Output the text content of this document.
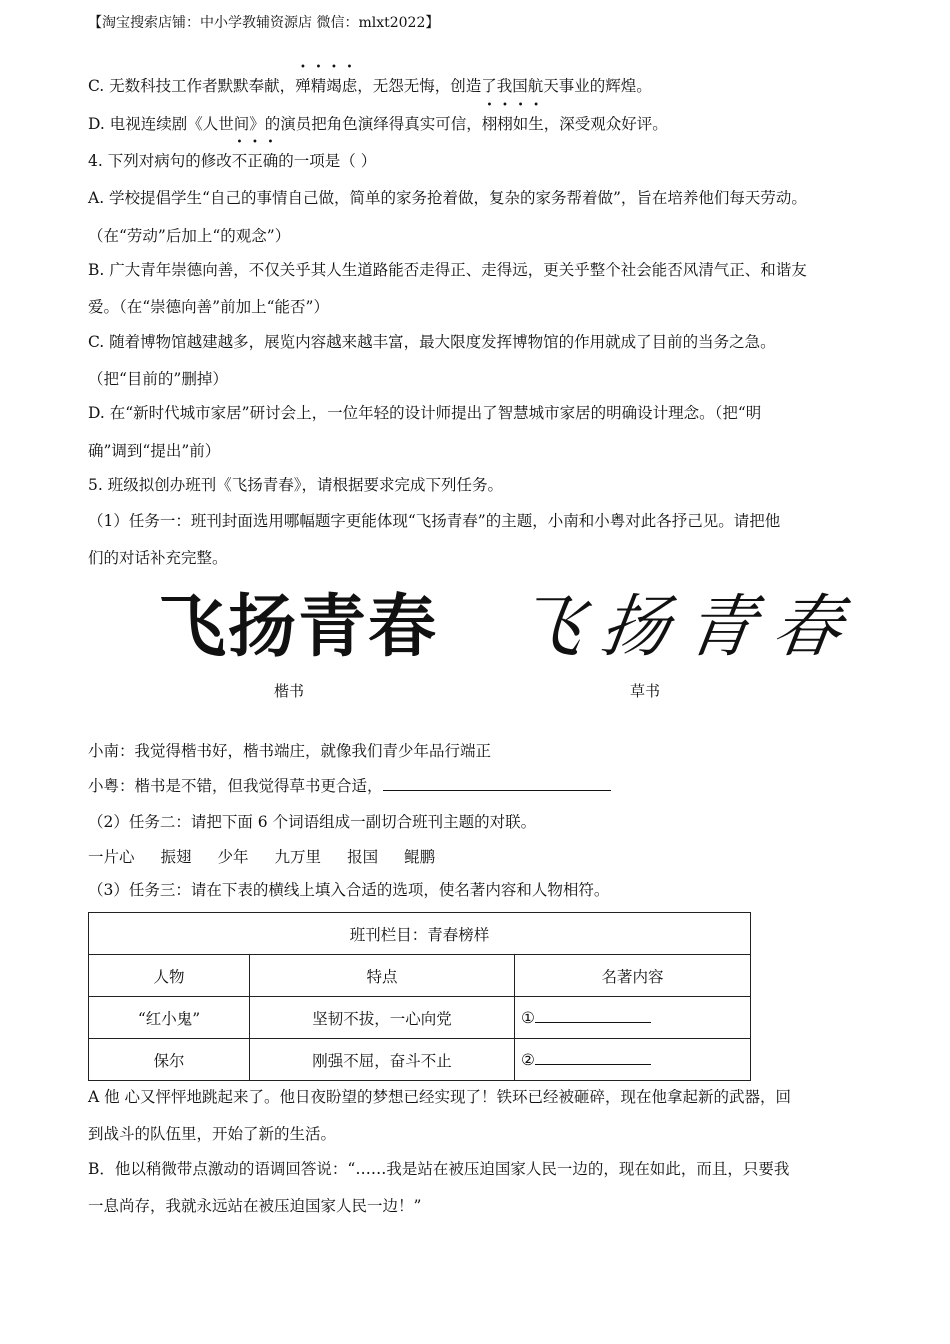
【淘宝搜索店铺：中小学教辅资源店 微信：mlxt2022】
C. 无数科技工作者默默奉献，殚精竭虑，无怨无悔，创造了我国航天事业的辉煌。
D. 电视连续剧《人世间》的演员把角色演绎得真实可信，栩栩如生，深受观众好评。
4. 下列对病句的修改不正确的一项是（ ）
A. 学校提倡学生“自己的事情自己做，简单的家务抢着做，复杂的家务帮着做”，旨在培养他们每天劳动。
（在“劳动”后加上“的观念”）
B. 广大青年崇德向善，不仅关乎其人生道路能否走得正、走得远，更关乎整个社会能否风清气正、和谐友
爱。（在“崇德向善”前加上“能否”）
C. 随着博物馆越建越多，展览内容越来越丰富，最大限度发挥博物馆的作用就成了目前的当务之急。
（把“目前的”删掉）
D. 在“新时代城市家居”研讨会上，一位年轻的设计师提出了智慧城市家居的明确设计理念。（把“明
确”调到“提出”前）
5. 班级拟创办班刊《飞扬青春》，请根据要求完成下列任务。
（1）任务一：班刊封面选用哪幅题字更能体现“飞扬青春”的主题，小南和小粤对此各抒己见。请把他
们的对话补充完整。
飞扬青春 飞扬青春
楷书	草书
小南：我觉得楷书好，楷书端庄，就像我们青少年品行端正
小粤：楷书是不错，但我觉得草书更合适，
（2）任务二：请把下面 6 个词语组成一副切合班刊主题的对联。
一片心 振翅 少年 九万里 报国 鲲鹏
（3）任务三：请在下表的横线上填入合适的选项，使名著内容和人物相符。
班刊栏目：青春榜样		
人物	特点	名著内容
“红小鬼”	坚韧不拔，一心向党	①
保尔	刚强不屈，奋斗不止	②
A 他 心又怦怦地跳起来了。他日夜盼望的梦想已经实现了！铁环已经被砸碎，现在他拿起新的武器，回
到战斗的队伍里，开始了新的生活。
B．他以稍微带点激动的语调回答说：“……我是站在被压迫国家人民一边的，现在如此，而且，只要我
一息尚存，我就永远站在被压迫国家人民一边！”
